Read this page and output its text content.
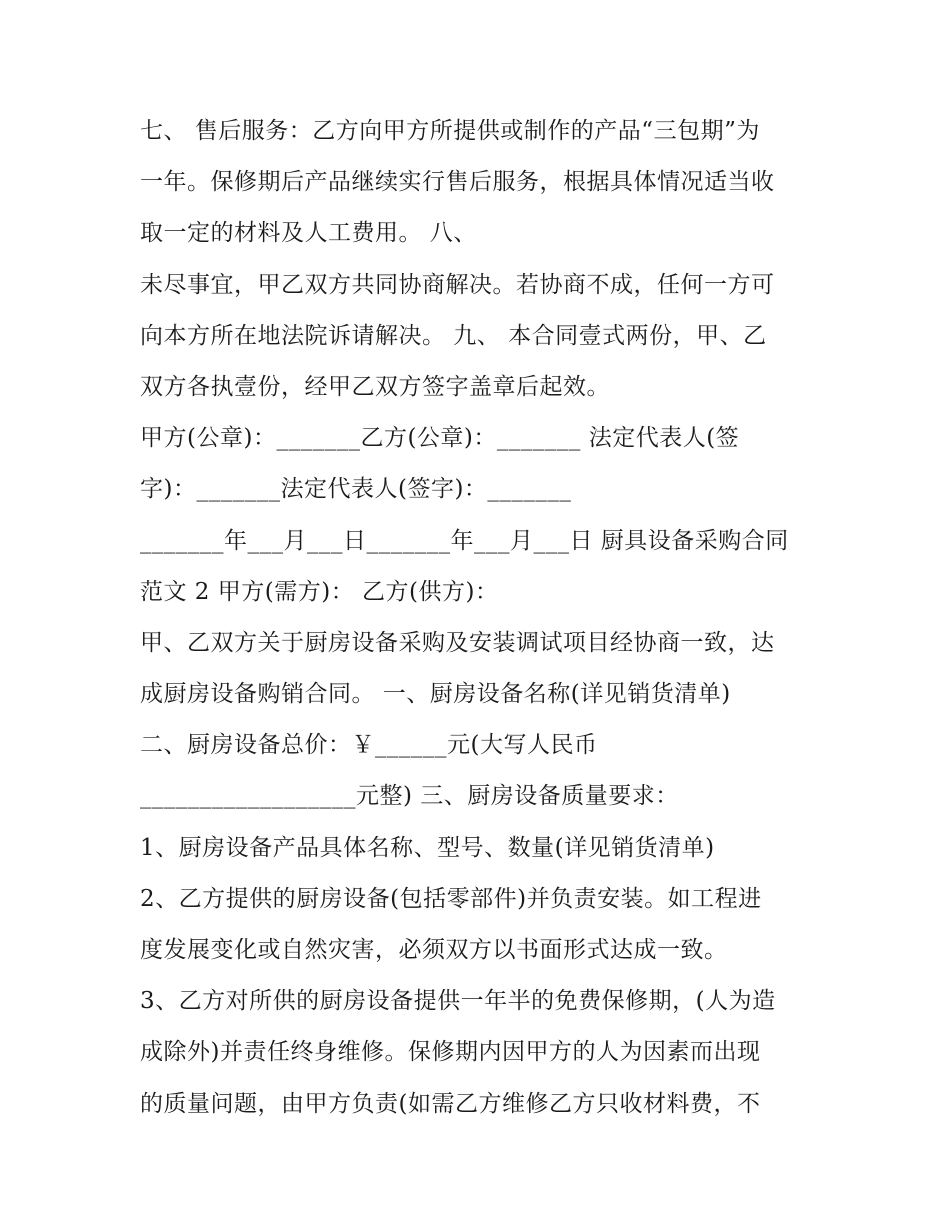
七、 售后服务：乙方向甲方所提供或制作的产品“三包期”为
一年。保修期后产品继续实行售后服务，根据具体情况适当收
取一定的材料及人工费用。 八、
未尽事宜，甲乙双方共同协商解决。若协商不成，任何一方可
向本方所在地法院诉请解决。 九、 本合同壹式两份，甲、乙
双方各执壹份，经甲乙双方签字盖章后起效。
甲方(公章)：_______乙方(公章)：_______ 法定代表人(签
字)：_______法定代表人(签字)：_______
_______年___月___日_______年___月___日 厨具设备采购合同
范文 2 甲方(需方)： 乙方(供方)：
甲、乙双方关于厨房设备采购及安装调试项目经协商一致，达
成厨房设备购销合同。 一、厨房设备名称(详见销货清单)
二、厨房设备总价：￥______元(大写人民币
__________________元整) 三、厨房设备质量要求：
1、厨房设备产品具体名称、型号、数量(详见销货清单)
2、乙方提供的厨房设备(包括零部件)并负责安装。如工程进
度发展变化或自然灾害，必须双方以书面形式达成一致。
3、乙方对所供的厨房设备提供一年半的免费保修期，(人为造
成除外)并责任终身维修。保修期内因甲方的人为因素而出现
的质量问题，由甲方负责(如需乙方维修乙方只收材料费，不
